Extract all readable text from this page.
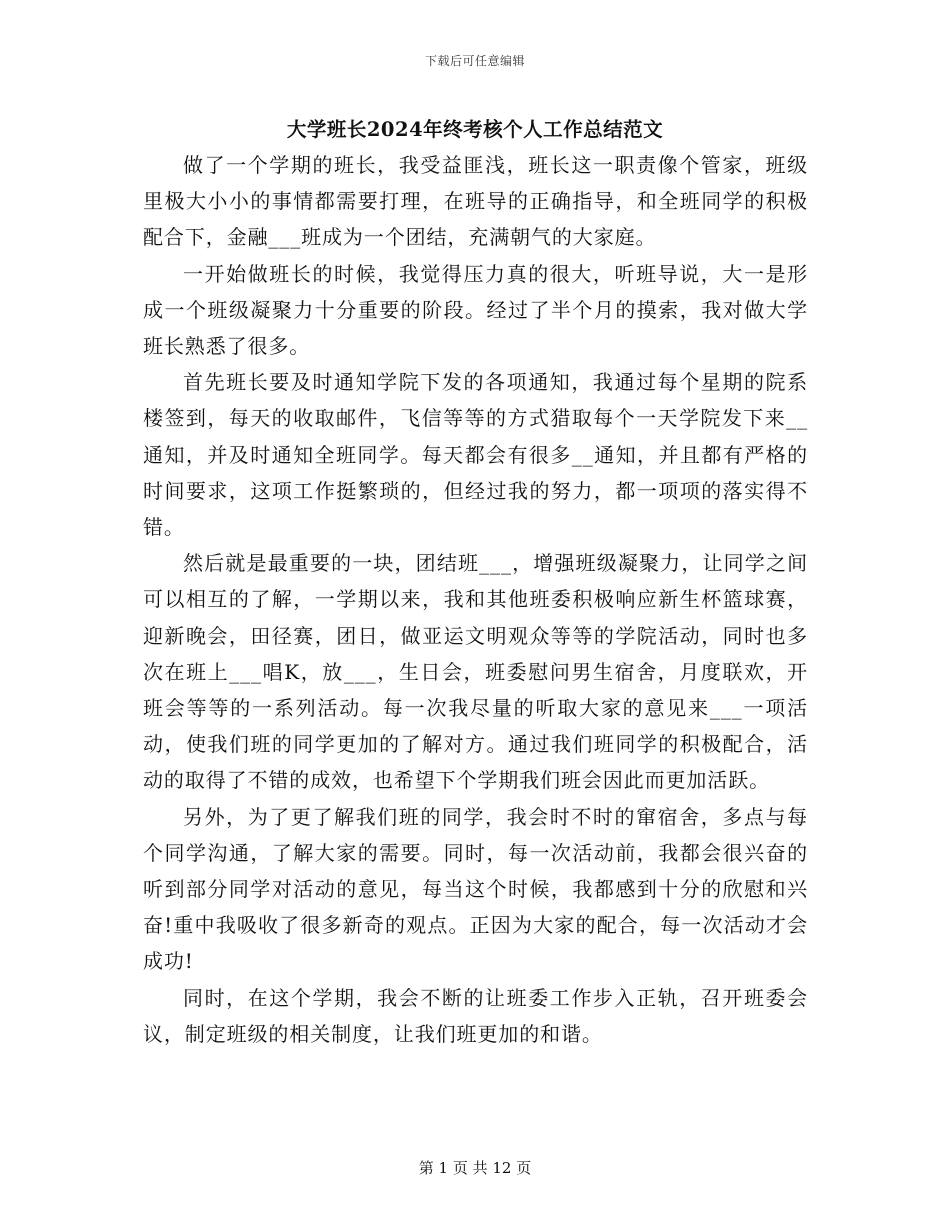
下载后可任意编辑
大学班长2024年终考核个人工作总结范文

做了一个学期的班长，我受益匪浅，班长这一职责像个管家，班级里极大小小的事情都需要打理，在班导的正确指导，和全班同学的积极配合下，金融___班成为一个团结，充满朝气的大家庭。

一开始做班长的时候，我觉得压力真的很大，听班导说，大一是形成一个班级凝聚力十分重要的阶段。经过了半个月的摸索，我对做大学班长熟悉了很多。

首先班长要及时通知学院下发的各项通知，我通过每个星期的院系楼签到，每天的收取邮件，飞信等等的方式猎取每个一天学院发下来__通知，并及时通知全班同学。每天都会有很多__通知，并且都有严格的时间要求，这项工作挺繁琐的，但经过我的努力，都一项项的落实得不错。

然后就是最重要的一块，团结班___，增强班级凝聚力，让同学之间可以相互的了解，一学期以来，我和其他班委积极响应新生杯篮球赛，迎新晚会，田径赛，团日，做亚运文明观众等等的学院活动，同时也多次在班上___唱K，放___，生日会，班委慰问男生宿舍，月度联欢，开班会等等的一系列活动。每一次我尽量的听取大家的意见来___一项活动，使我们班的同学更加的了解对方。通过我们班同学的积极配合，活动的取得了不错的成效，也希望下个学期我们班会因此而更加活跃。

另外，为了更了解我们班的同学，我会时不时的窜宿舍，多点与每个同学沟通，了解大家的需要。同时，每一次活动前，我都会很兴奋的听到部分同学对活动的意见，每当这个时候，我都感到十分的欣慰和兴奋!重中我吸收了很多新奇的观点。正因为大家的配合，每一次活动才会成功!

同时，在这个学期，我会不断的让班委工作步入正轨，召开班委会议，制定班级的相关制度，让我们班更加的和谐。

第 1 页 共 12 页
